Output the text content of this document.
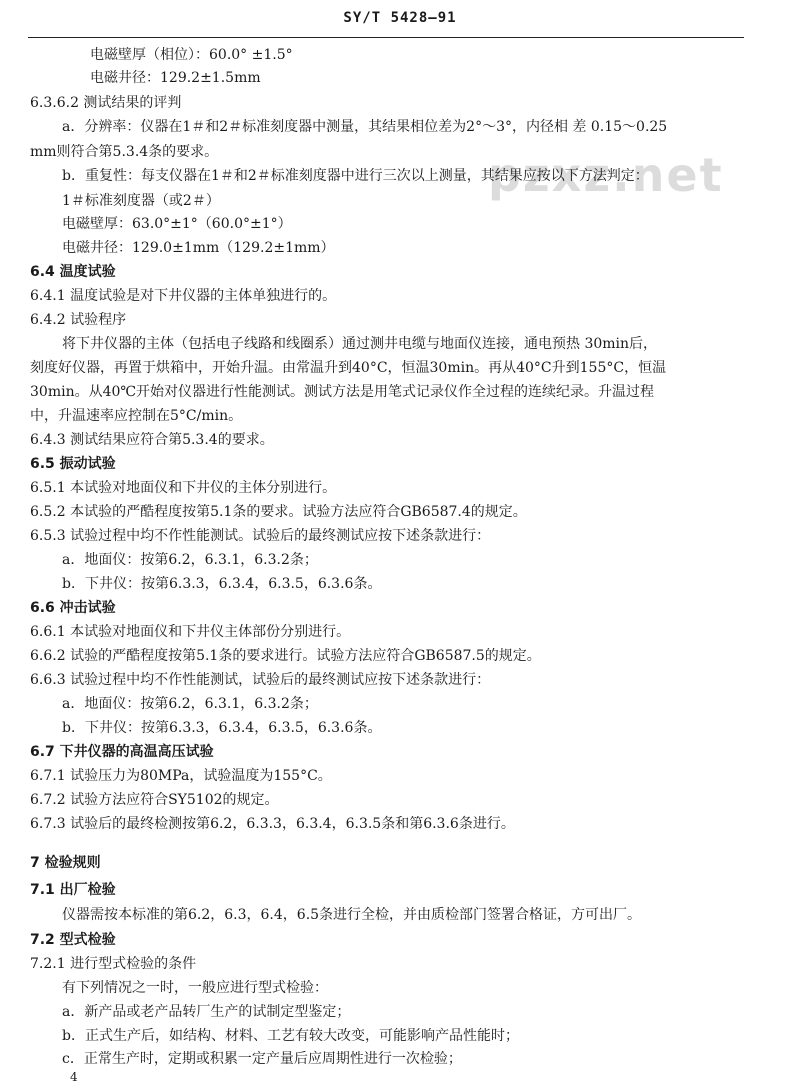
SY/T 5428—91
pzxz.net
电磁壁厚（相位）：60.0° ±1.5°
电磁井径：129.2±1.5mm
6.3.6.2 测试结果的评判
a．分辨率：仪器在1＃和2＃标准刻度器中测量，其结果相位差为2°～3°，内径相 差 0.15～0.25
mm则符合第5.3.4条的要求。
b．重复性：每支仪器在1＃和2＃标准刻度器中进行三次以上测量，其结果应按以下方法判定：
1＃标准刻度器（或2＃）
电磁壁厚：63.0°±1°（60.0°±1°）
电磁井径：129.0±1mm（129.2±1mm）
6.4 温度试验
6.4.1 温度试验是对下井仪器的主体单独进行的。
6.4.2 试验程序
将下井仪器的主体（包括电子线路和线圈系）通过测井电缆与地面仪连接，通电预热 30min后，
刻度好仪器，再置于烘箱中，开始升温。由常温升到40°C，恒温30min。再从40°C升到155°C，恒温
30min。从40℃开始对仪器进行性能测试。测试方法是用笔式记录仪作全过程的连续纪录。升温过程
中，升温速率应控制在5°C/min。
6.4.3 测试结果应符合第5.3.4的要求。
6.5 振动试验
6.5.1 本试验对地面仪和下井仪的主体分别进行。
6.5.2 本试验的严酷程度按第5.1条的要求。试验方法应符合GB6587.4的规定。
6.5.3 试验过程中均不作性能测试。试验后的最终测试应按下述条款进行：
a．地面仪：按第6.2，6.3.1，6.3.2条；
b．下井仪：按第6.3.3，6.3.4，6.3.5，6.3.6条。
6.6 冲击试验
6.6.1 本试验对地面仪和下井仪主体部份分别进行。
6.6.2 试验的严酷程度按第5.1条的要求进行。试验方法应符合GB6587.5的规定。
6.6.3 试验过程中均不作性能测试，试验后的最终测试应按下述条款进行：
a．地面仪：按第6.2，6.3.1，6.3.2条；
b．下井仪：按第6.3.3，6.3.4，6.3.5，6.3.6条。
6.7 下井仪器的高温高压试验
6.7.1 试验压力为80MPa，试验温度为155°C。
6.7.2 试验方法应符合SY5102的规定。
6.7.3 试验后的最终检测按第6.2，6.3.3，6.3.4，6.3.5条和第6.3.6条进行。
7 检验规则
7.1 出厂检验
仪器需按本标准的第6.2，6.3，6.4，6.5条进行全检，并由质检部门签署合格证，方可出厂。
7.2 型式检验
7.2.1 进行型式检验的条件
有下列情况之一时，一般应进行型式检验：
a．新产品或老产品转厂生产的试制定型鉴定；
b．正式生产后，如结构、材料、工艺有较大改变，可能影响产品性能时；
c．正常生产时，定期或积累一定产量后应周期性进行一次检验；
4
